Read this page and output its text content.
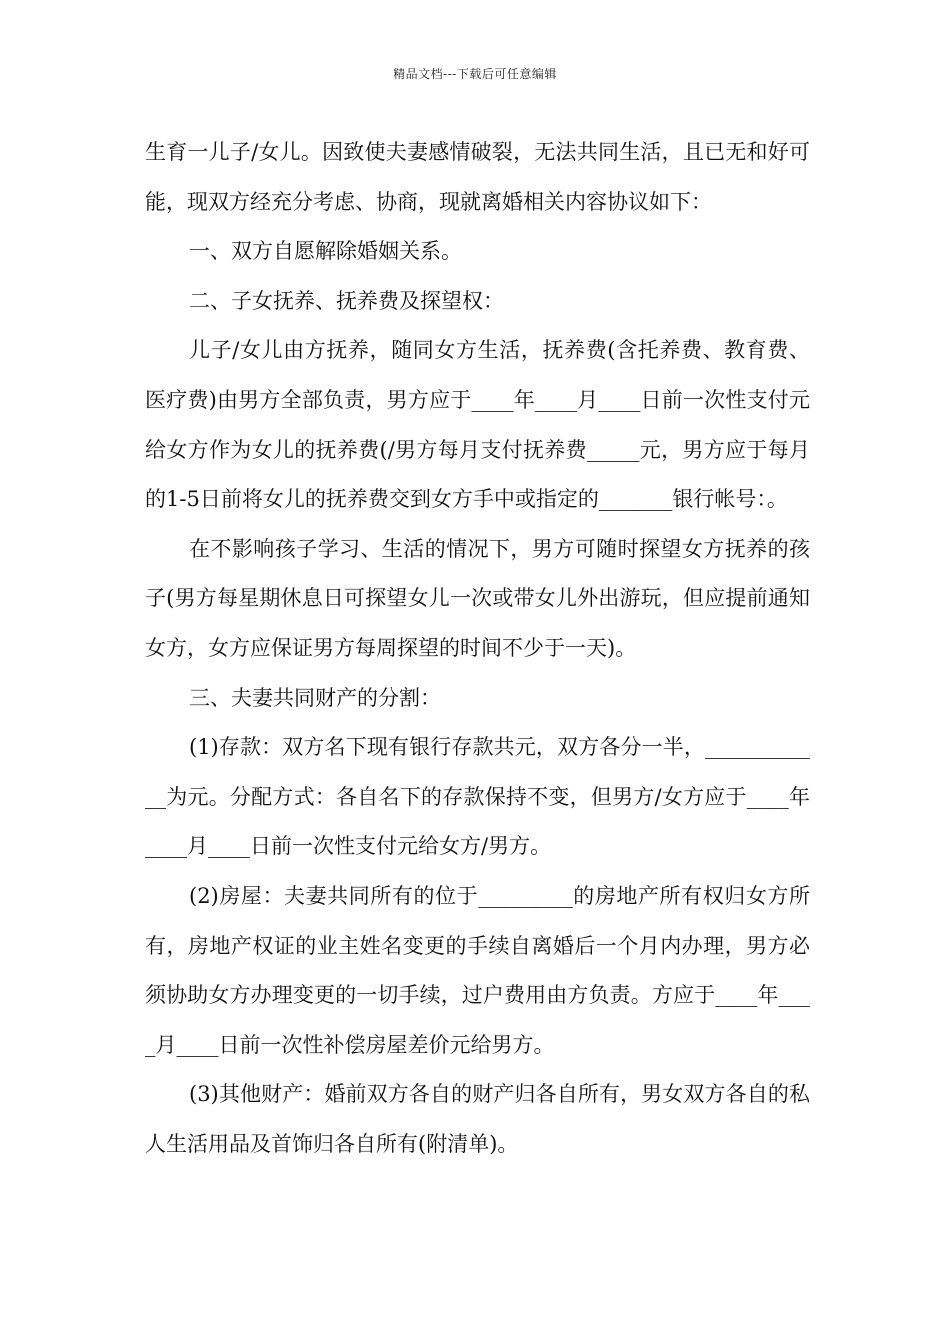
精品文档---下载后可任意编辑

生育一儿子/女儿。因致使夫妻感情破裂，无法共同生活，且已无和好可能，现双方经充分考虑、协商，现就离婚相关内容协议如下：

一、双方自愿解除婚姻关系。

二、子女抚养、抚养费及探望权：

儿子/女儿由方抚养，随同女方生活，抚养费(含托养费、教育费、医疗费)由男方全部负责，男方应于____年____月____日前一次性支付元给女方作为女儿的抚养费(/男方每月支付抚养费_____元，男方应于每月的1-5日前将女儿的抚养费交到女方手中或指定的_______银行帐号：。

在不影响孩子学习、生活的情况下，男方可随时探望女方抚养的孩子(男方每星期休息日可探望女儿一次或带女儿外出游玩，但应提前通知女方，女方应保证男方每周探望的时间不少于一天)。

三、夫妻共同财产的分割：

(1)存款：双方名下现有银行存款共元，双方各分一半，____________为元。分配方式：各自名下的存款保持不变，但男方/女方应于____年____月____日前一次性支付元给女方/男方。

(2)房屋：夫妻共同所有的位于_________的房地产所有权归女方所有，房地产权证的业主姓名变更的手续自离婚后一个月内办理，男方必须协助女方办理变更的一切手续，过户费用由方负责。方应于____年____月____日前一次性补偿房屋差价元给男方。

(3)其他财产：婚前双方各自的财产归各自所有，男女双方各自的私人生活用品及首饰归各自所有(附清单)。
